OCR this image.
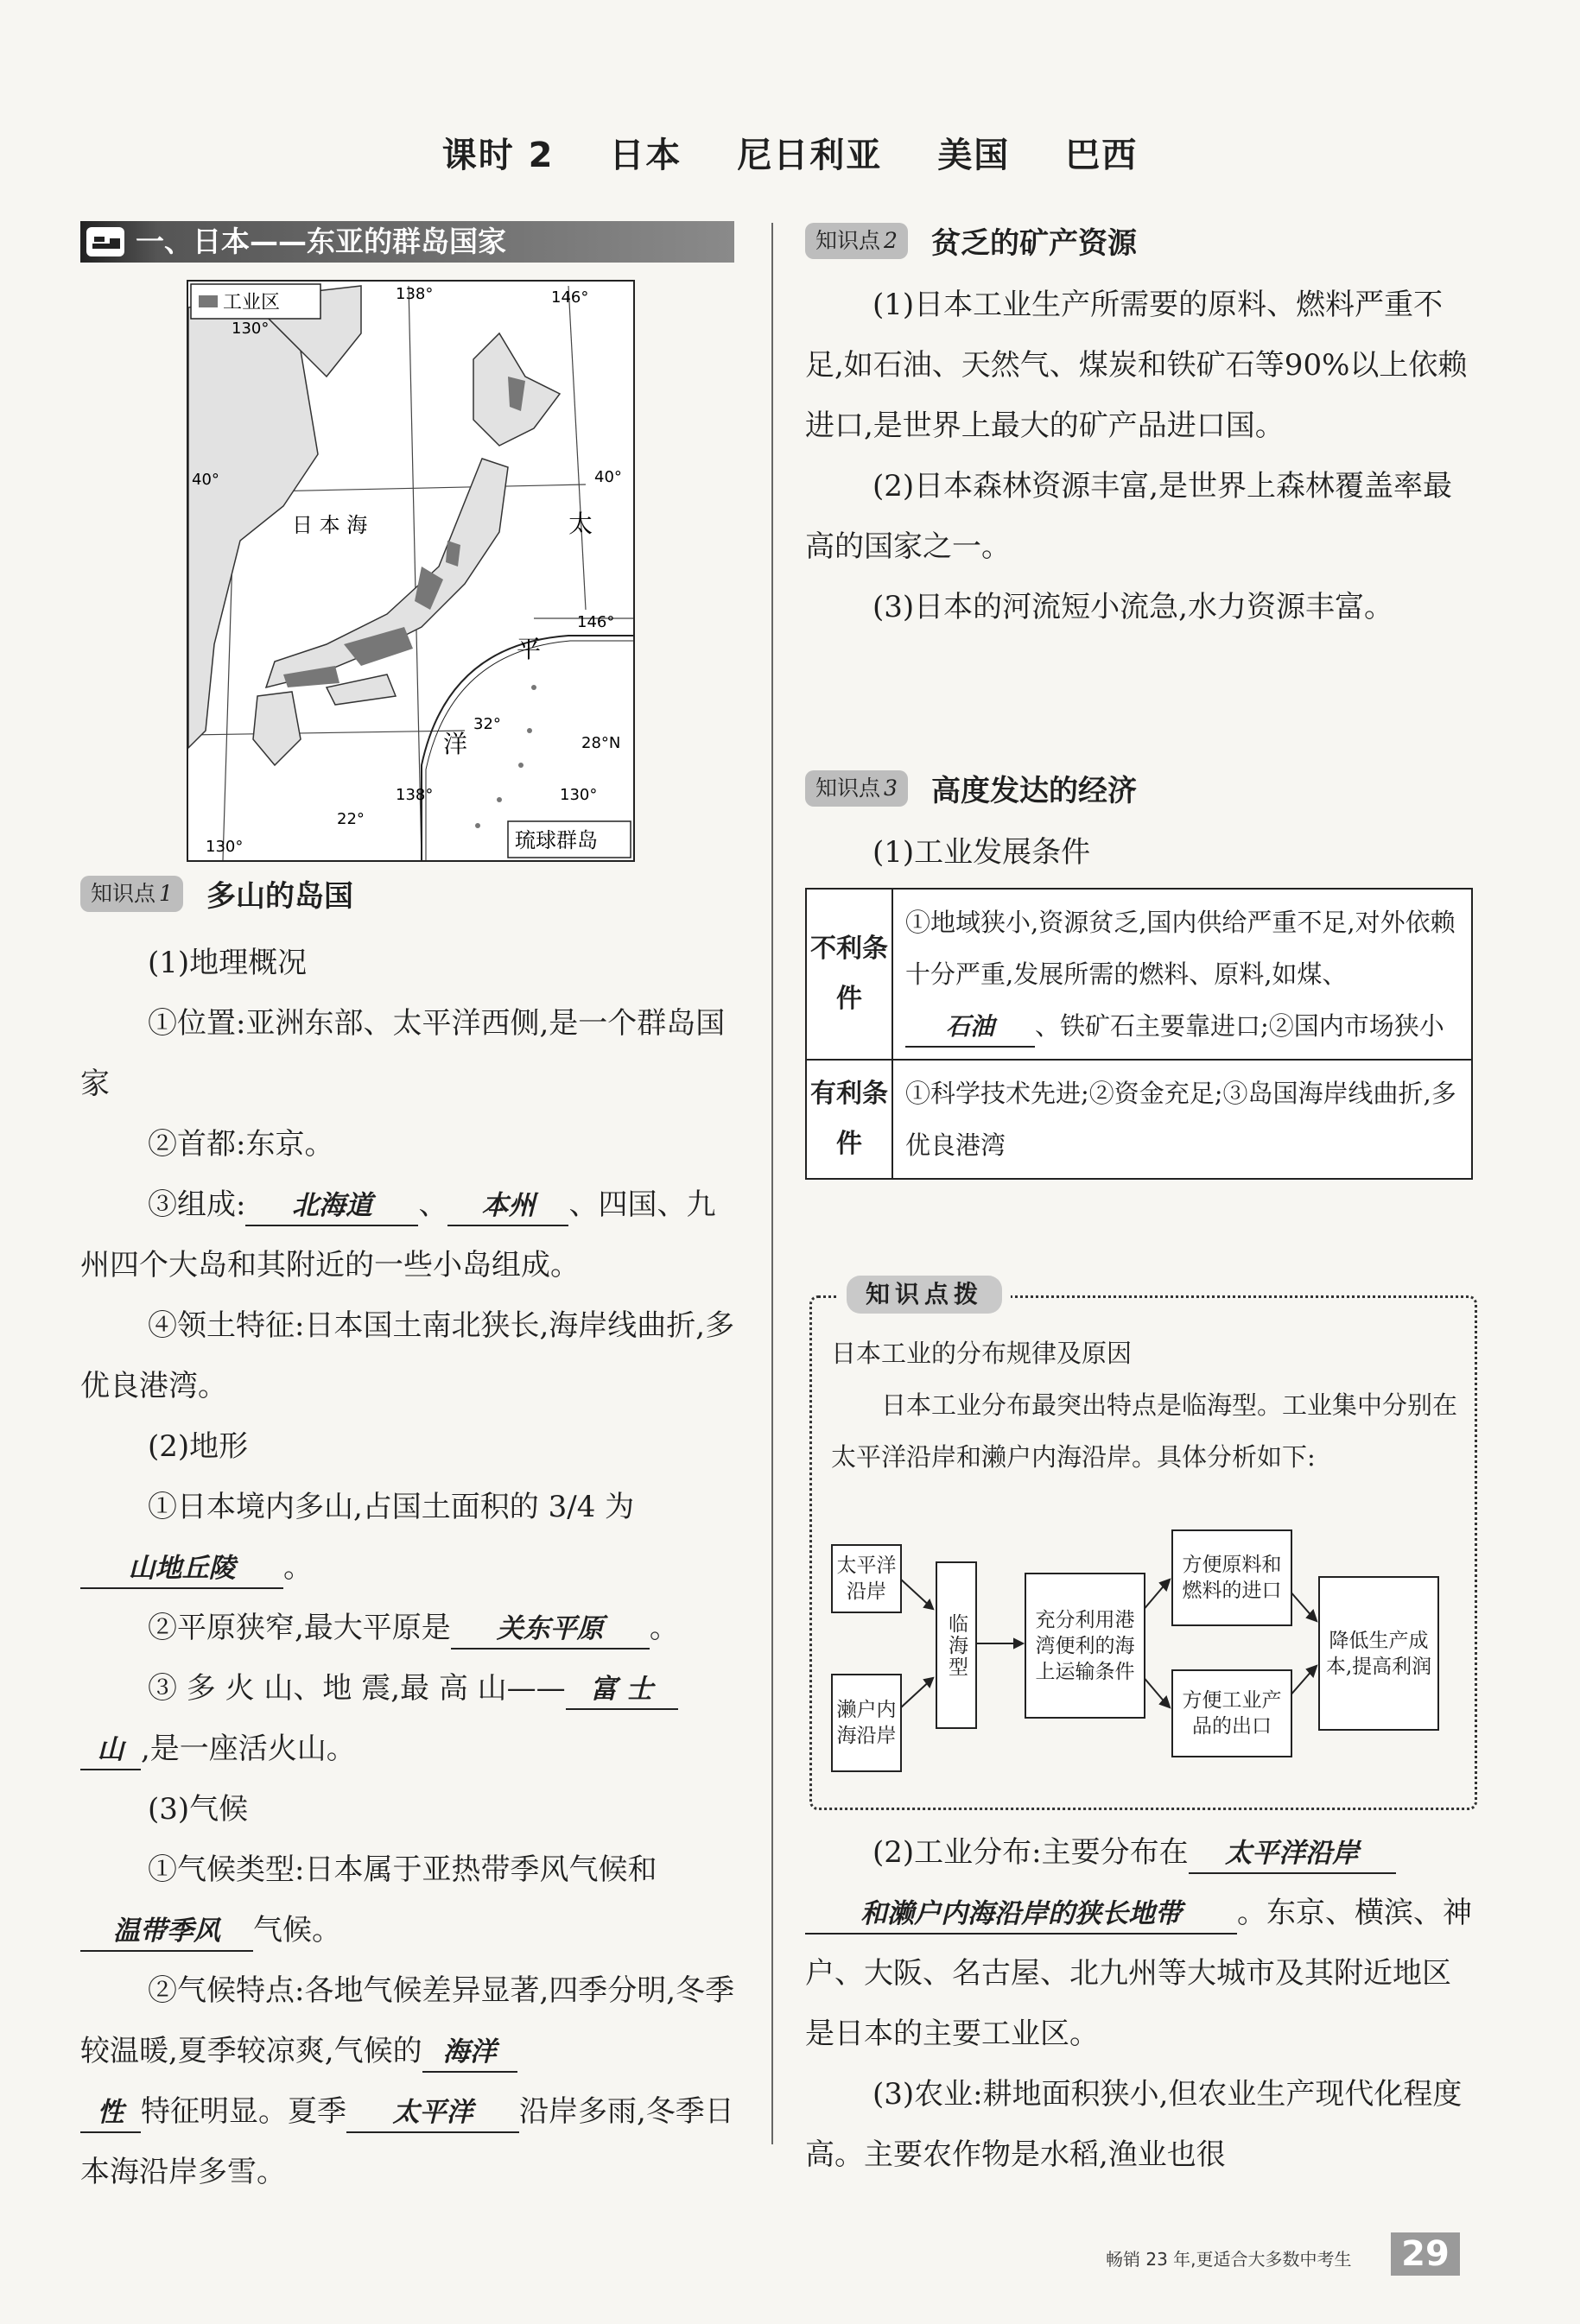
课时 2 日本 尼日利亚 美国 巴西
一、日本——东亚的群岛国家
工业区
130°
138°	146°
40°	40°
146°
32°
28°N
138°	130°
22°
130°
日 本 海	太
平
洋
琉球群岛
知识点 1 多山的岛国

(1)地理概况

①位置:亚洲东部、太平洋西侧,是一个群岛国家

②首都:东京。

③组成: 北海道 、 本州 、四国、九州四个大岛和其附近的一些小岛组成。

④领土特征:日本国土南北狭长,海岸线曲折,多优良港湾。

(2)地形

①日本境内多山,占国土面积的 3/4 为山地丘陵 。

②平原狭窄,最大平原是 关东平原 。

③ 多 火 山、地 震,最 高 山—— 富 士
山 ,是一座活火山。

(3)气候

①气候类型:日本属于亚热带季风气候和温带季风 气候。

②气候特点:各地气候差异显著,四季分明,冬季较温暖,夏季较凉爽,气候的 海洋
性 特征明显。夏季 太平洋 沿岸多雨,冬季日本海沿岸多雪。

知识点 2 贫乏的矿产资源

(1)日本工业生产所需要的原料、燃料严重不足,如石油、天然气、煤炭和铁矿石等90%以上依赖进口,是世界上最大的矿产品进口国。

(2)日本森林资源丰富,是世界上森林覆盖率最高的国家之一。

(3)日本的河流短小流急,水力资源丰富。

知识点 3 高度发达的经济

(1)工业发展条件

不利条件	①地域狭小,资源贫乏,国内供给严重不足,对外依赖十分严重,发展所需的燃料、原料,如煤、石油 、铁矿石主要靠进口;②国内市场狭小
有利条件	①科学技术先进;②资金充足;③岛国海岸线曲折,多优良港湾
知识点拨

日本工业的分布规律及原因

日本工业分布最突出特点是临海型。工业集中分别在太平洋沿岸和濑户内海沿岸。具体分析如下:

太平洋沿岸
濑户内海沿岸
临海型	充分利用港湾便利的海上运输条件
方便原料和燃料的进口
方便工业产品的出口
降低生产成本,提高利润

(2)工业分布:主要分布在 太平洋沿岸
和濑户内海沿岸的狭长地带 。东京、横滨、神户、大阪、名古屋、北九州等大城市及其附近地区是日本的主要工业区。

(3)农业:耕地面积狭小,但农业生产现代化程度高。主要农作物是水稻,渔业也很

畅销 23 年,更适合大多数中考生	29
